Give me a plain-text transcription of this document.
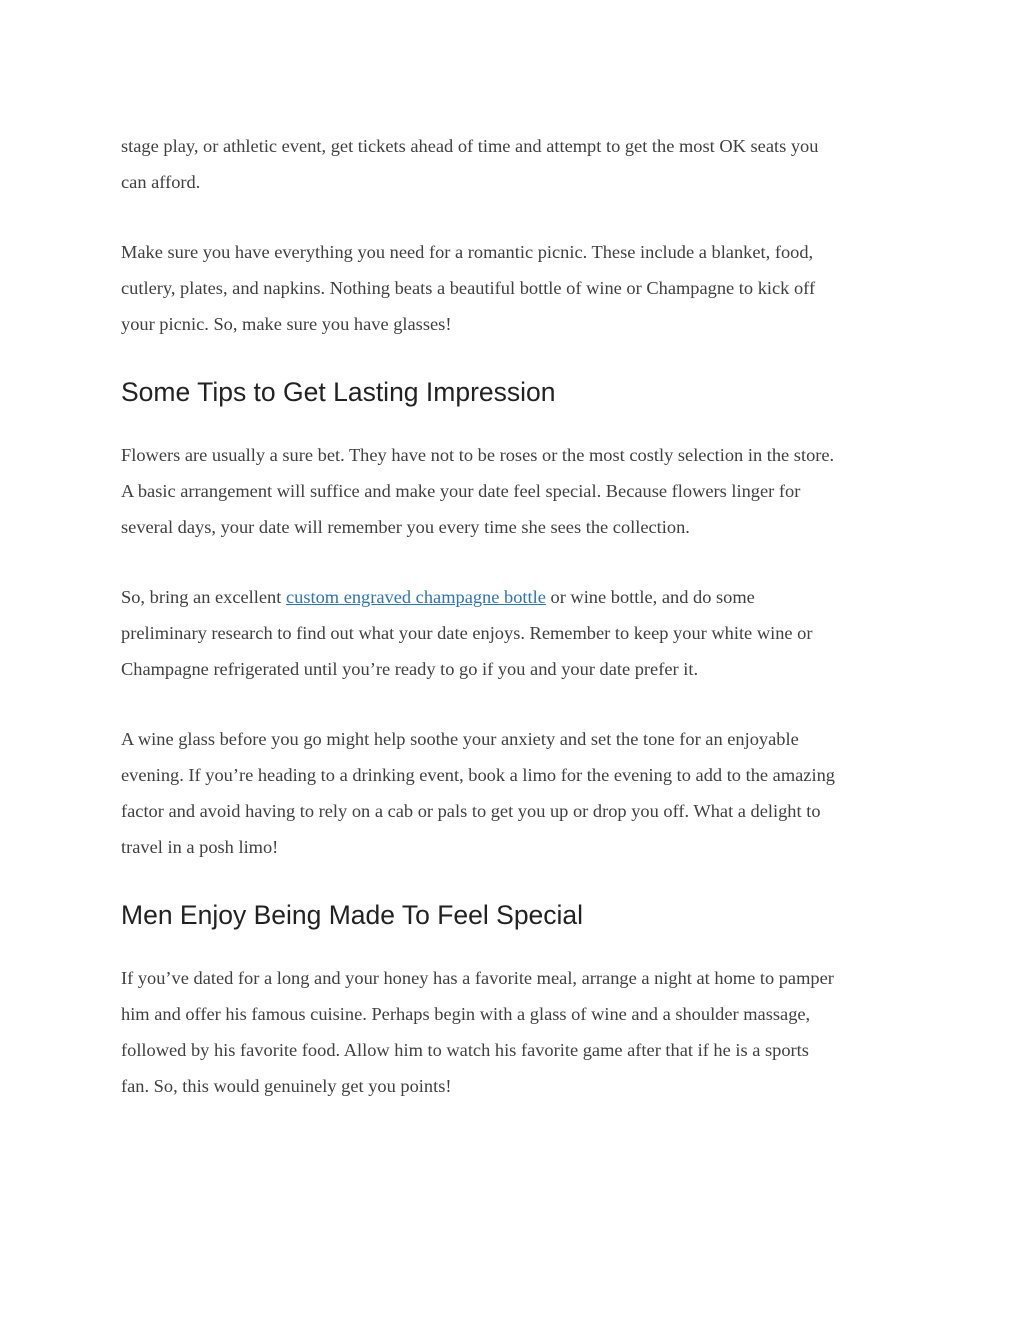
stage play, or athletic event, get tickets ahead of time and attempt to get the most OK seats you
can afford.

Make sure you have everything you need for a romantic picnic. These include a blanket, food,
cutlery, plates, and napkins. Nothing beats a beautiful bottle of wine or Champagne to kick off
your picnic. So, make sure you have glasses!

Some Tips to Get Lasting Impression

Flowers are usually a sure bet. They have not to be roses or the most costly selection in the store.
A basic arrangement will suffice and make your date feel special. Because flowers linger for
several days, your date will remember you every time she sees the collection.

So, bring an excellent custom engraved champagne bottle or wine bottle, and do some
preliminary research to find out what your date enjoys. Remember to keep your white wine or
Champagne refrigerated until you’re ready to go if you and your date prefer it.

A wine glass before you go might help soothe your anxiety and set the tone for an enjoyable
evening. If you’re heading to a drinking event, book a limo for the evening to add to the amazing
factor and avoid having to rely on a cab or pals to get you up or drop you off. What a delight to
travel in a posh limo!

Men Enjoy Being Made To Feel Special

If you’ve dated for a long and your honey has a favorite meal, arrange a night at home to pamper
him and offer his famous cuisine. Perhaps begin with a glass of wine and a shoulder massage,
followed by his favorite food. Allow him to watch his favorite game after that if he is a sports
fan. So, this would genuinely get you points!
